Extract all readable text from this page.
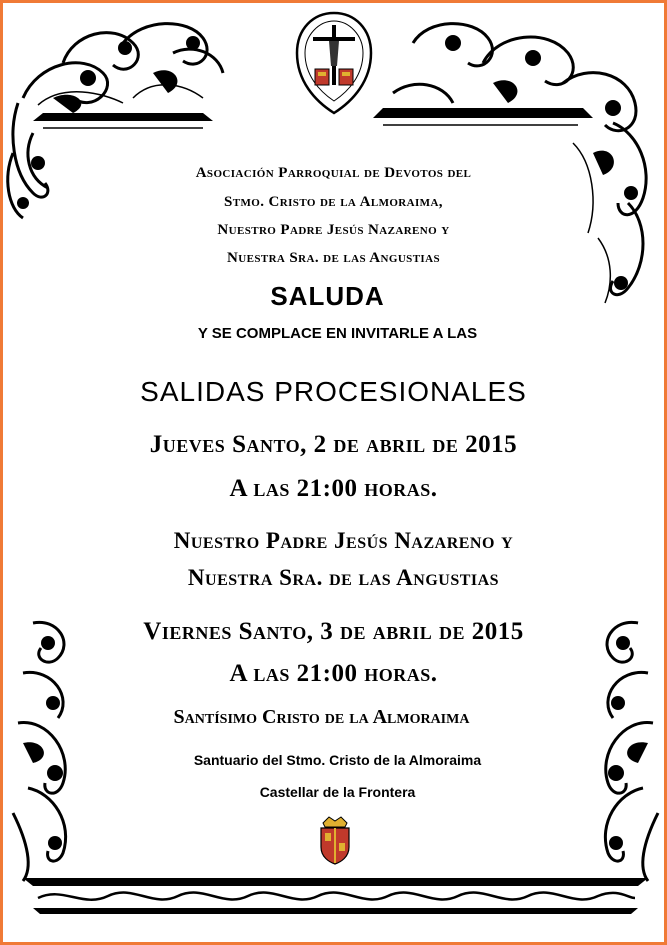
Asociación Parroquial de Devotos del
Stmo. Cristo de la Almoraima,
Nuestro Padre Jesús Nazareno y
Nuestra Sra. de las Angustias
SALUDA
Y SE COMPLACE EN INVITARLE A LAS
SALIDAS PROCESIONALES
Jueves Santo, 2 de abril de 2015
A las 21:00 horas.
Nuestro Padre Jesús Nazareno y
Nuestra Sra. de las Angustias
Viernes Santo, 3 de abril de 2015
A las 21:00 horas.
Santísimo Cristo de la Almoraima
Santuario del Stmo. Cristo de la Almoraima
Castellar de la Frontera
